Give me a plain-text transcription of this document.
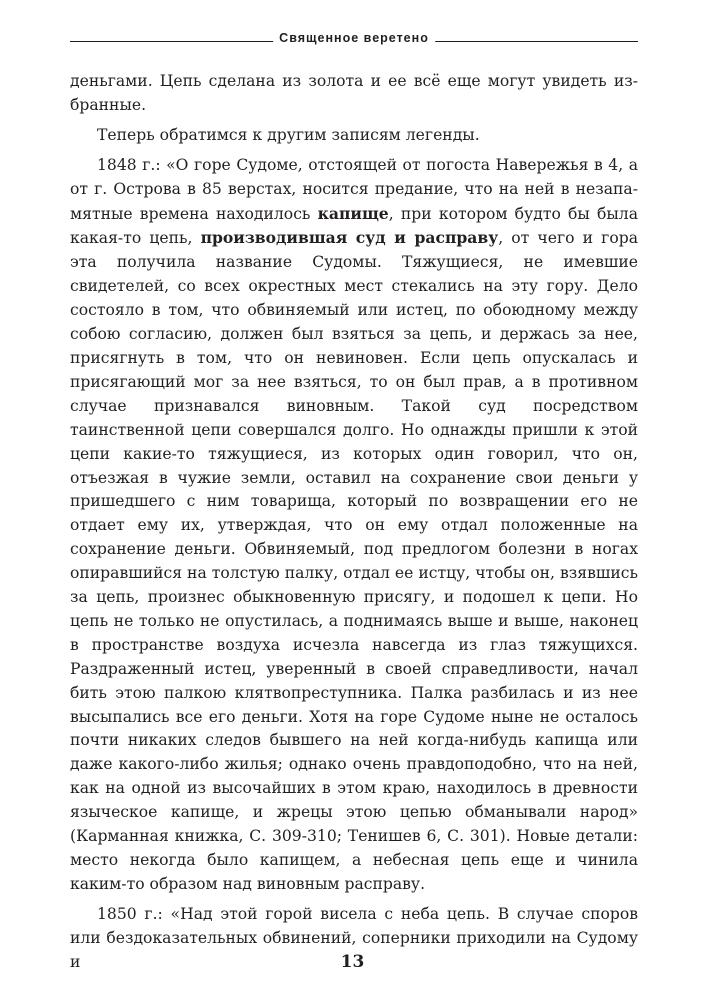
Священное веретено

деньгами. Цепь сделана из золота и ее всё еще могут увидеть избранные.

Теперь обратимся к другим записям легенды.

1848 г.: «О горе Судоме, отстоящей от погоста Навережья в 4, а от г. Острова в 85 верстах, носится предание, что на ней в незапамятные времена находилось капище, при котором будто бы была какая-то цепь, производившая суд и расправу, от чего и гора эта получила название Судомы. Тяжущиеся, не имевшие свидетелей, со всех окрестных мест стекались на эту гору. Дело состояло в том, что обвиняемый или истец, по обоюдному между собою согласию, должен был взяться за цепь, и держась за нее, присягнуть в том, что он невиновен. Если цепь опускалась и присягающий мог за нее взяться, то он был прав, а в противном случае признавался виновным. Такой суд посредством таинственной цепи совершался долго. Но однажды пришли к этой цепи какие-то тяжущиеся, из которых один говорил, что он, отъезжая в чужие земли, оставил на сохранение свои деньги у пришедшего с ним товарища, который по возвращении его не отдает ему их, утверждая, что он ему отдал положенные на сохранение деньги. Обвиняемый, под предлогом болезни в ногах опиравшийся на толстую палку, отдал ее истцу, чтобы он, взявшись за цепь, произнес обыкновенную присягу, и подошел к цепи. Но цепь не только не опустилась, а поднимаясь выше и выше, наконец в пространстве воздуха исчезла навсегда из глаз тяжущихся. Раздраженный истец, уверенный в своей справедливости, начал бить этою палкою клятвопреступника. Палка разбилась и из нее высыпались все его деньги. Хотя на горе Судоме ныне не осталось почти никаких следов бывшего на ней когда-нибудь капища или даже какого-либо жилья; однако очень правдоподобно, что на ней, как на одной из высочайших в этом краю, находилось в древности языческое капище, и жрецы этою цепью обманывали народ» (Карманная книжка, С. 309-310; Тенишев 6, С. 301). Новые детали: место некогда было капищем, а небесная цепь еще и чинила каким-то образом над виновным расправу.

1850 г.: «Над этой горой висела с неба цепь. В случае споров или бездоказательных обвинений, соперники приходили на Судому и	13
